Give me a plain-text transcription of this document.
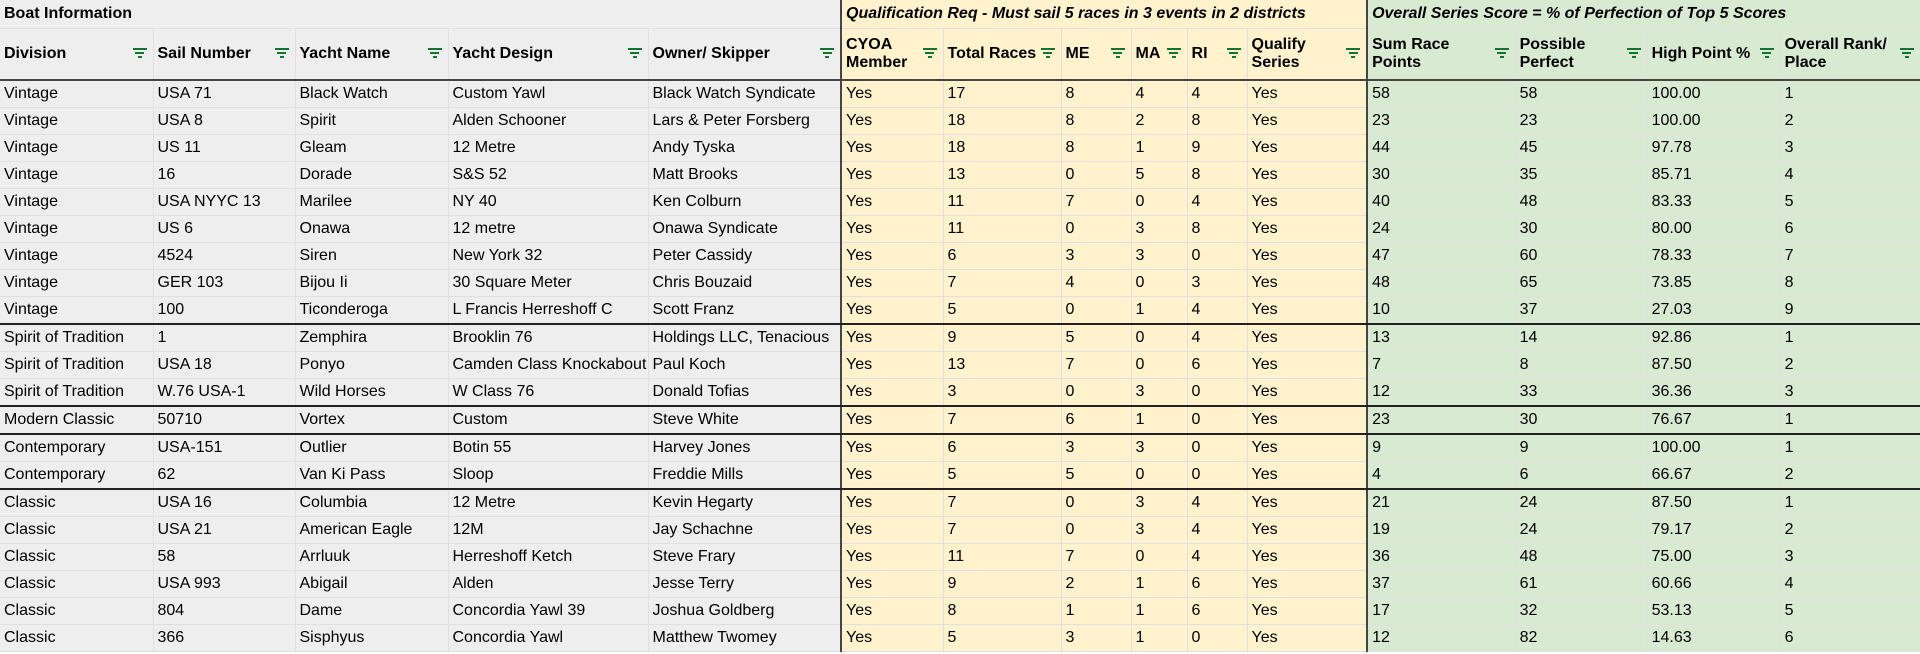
Boat Information					Qualification Req - Must sail 5 races in 3 events in 2 districts						Overall Series Score = % of Perfection of Top 5 Scores			
Division	Sail Number	Yacht Name	Yacht Design	Owner/ Skipper	CYOA Member	Total Races	ME	MA	RI	Qualify Series	Sum Race Points	Possible Perfect	High Point %	Overall Rank/ Place

Vintage	USA 71	Black Watch	Custom Yawl	Black Watch Syndicate	Yes	17	8	4	4	Yes	58	58	100.00	1
Vintage	USA 8	Spirit	Alden Schooner	Lars & Peter Forsberg	Yes	18	8	2	8	Yes	23	23	100.00	2
Vintage	US 11	Gleam	12 Metre	Andy Tyska	Yes	18	8	1	9	Yes	44	45	97.78	3
Vintage	16	Dorade	S&S 52	Matt Brooks	Yes	13	0	5	8	Yes	30	35	85.71	4
Vintage	USA NYYC 13	Marilee	NY 40	Ken Colburn	Yes	11	7	0	4	Yes	40	48	83.33	5
Vintage	US 6	Onawa	12 metre	Onawa Syndicate	Yes	11	0	3	8	Yes	24	30	80.00	6
Vintage	4524	Siren	New York 32	Peter Cassidy	Yes	6	3	3	0	Yes	47	60	78.33	7
Vintage	GER 103	Bijou Ii	30 Square Meter	Chris Bouzaid	Yes	7	4	0	3	Yes	48	65	73.85	8
Vintage	100	Ticonderoga	L Francis Herreshoff C	Scott Franz	Yes	5	0	1	4	Yes	10	37	27.03	9
Spirit of Tradition	1	Zemphira	Brooklin 76	Holdings LLC, Tenacious	Yes	9	5	0	4	Yes	13	14	92.86	1
Spirit of Tradition	USA 18	Ponyo	Camden Class Knockabout	Paul Koch	Yes	13	7	0	6	Yes	7	8	87.50	2
Spirit of Tradition	W.76 USA-1	Wild Horses	W Class 76	Donald Tofias	Yes	3	0	3	0	Yes	12	33	36.36	3
Modern Classic	50710	Vortex	Custom	Steve White	Yes	7	6	1	0	Yes	23	30	76.67	1
Contemporary	USA-151	Outlier	Botin 55	Harvey Jones	Yes	6	3	3	0	Yes	9	9	100.00	1
Contemporary	62	Van Ki Pass	Sloop	Freddie Mills	Yes	5	5	0	0	Yes	4	6	66.67	2
Classic	USA 16	Columbia	12 Metre	Kevin Hegarty	Yes	7	0	3	4	Yes	21	24	87.50	1
Classic	USA 21	American Eagle	12M	Jay Schachne	Yes	7	0	3	4	Yes	19	24	79.17	2
Classic	58	Arrluuk	Herreshoff Ketch	Steve Frary	Yes	11	7	0	4	Yes	36	48	75.00	3
Classic	USA 993	Abigail	Alden	Jesse Terry	Yes	9	2	1	6	Yes	37	61	60.66	4
Classic	804	Dame	Concordia Yawl 39	Joshua Goldberg	Yes	8	1	1	6	Yes	17	32	53.13	5
Classic	366	Sisphyus	Concordia Yawl	Matthew Twomey	Yes	5	3	1	0	Yes	12	82	14.63	6
